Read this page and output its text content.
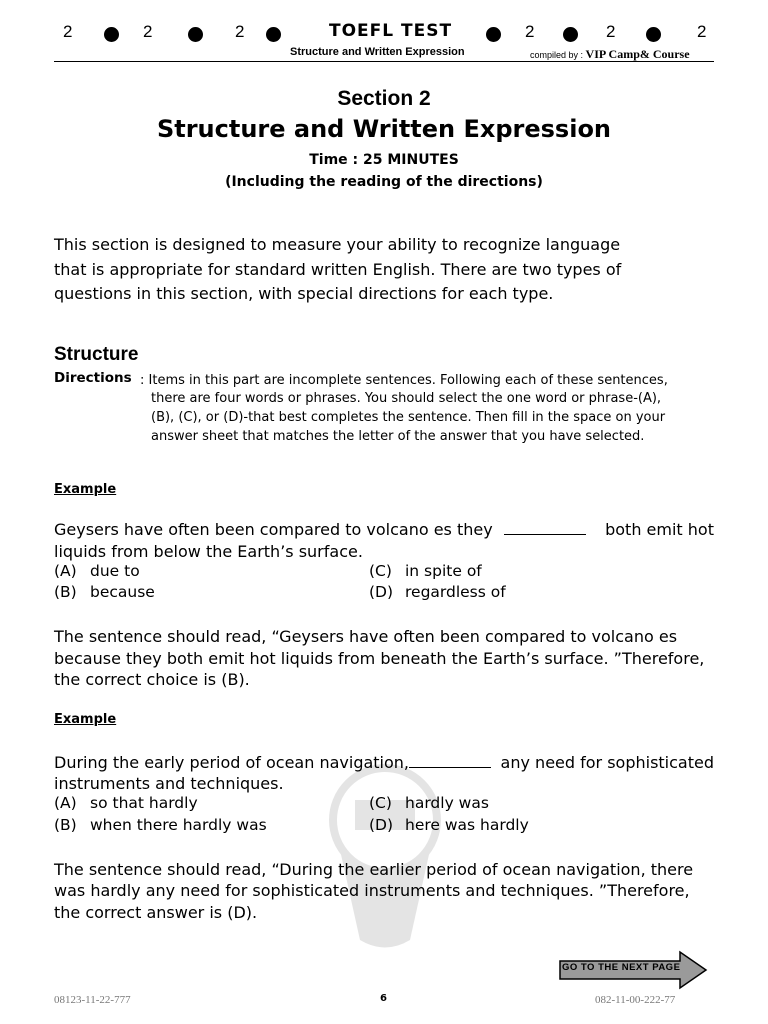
2	2	2	TOEFL TEST	2	2	2
Structure and Written Expression	compiled by : VIP Camp& Course
Section 2
Structure and Written Expression
Time : 25 MINUTES
(Including the reading of the directions)
This section is designed to measure your ability to recognize language
that is appropriate for standard written English. There are two types of
questions in this section, with special directions for each type.
Structure
Directions : Items in this part are incomplete sentences. Following each of these sentences,
there are four words or phrases. You should select the one word or phrase-(A),
(B), (C), or (D)-that best completes the sentence. Then fill in the space on your
answer sheet that matches the letter of the answer that you have selected.
Example
Geysers have often been compared to volcano es they	both emit hot
liquids from below the Earth’s surface.
(A) due to
(B) because
(C) in spite of
(D) regardless of
The sentence should read, “Geysers have often been compared to volcano es
because they both emit hot liquids from beneath the Earth’s surface. ”Therefore,
the correct choice is (B).
Example
During the early period of ocean navigation,	any need for sophisticated
instruments and techniques.
(A) so that hardly
(B) when there hardly was
(C) hardly was
(D) here was hardly
The sentence should read, “During the earlier period of ocean navigation, there
was hardly any need for sophisticated instruments and techniques. ”Therefore,
the correct answer is (D).
GO TO THE NEXT PAGE
08123-11-22-777	6	082-11-00-222-77
